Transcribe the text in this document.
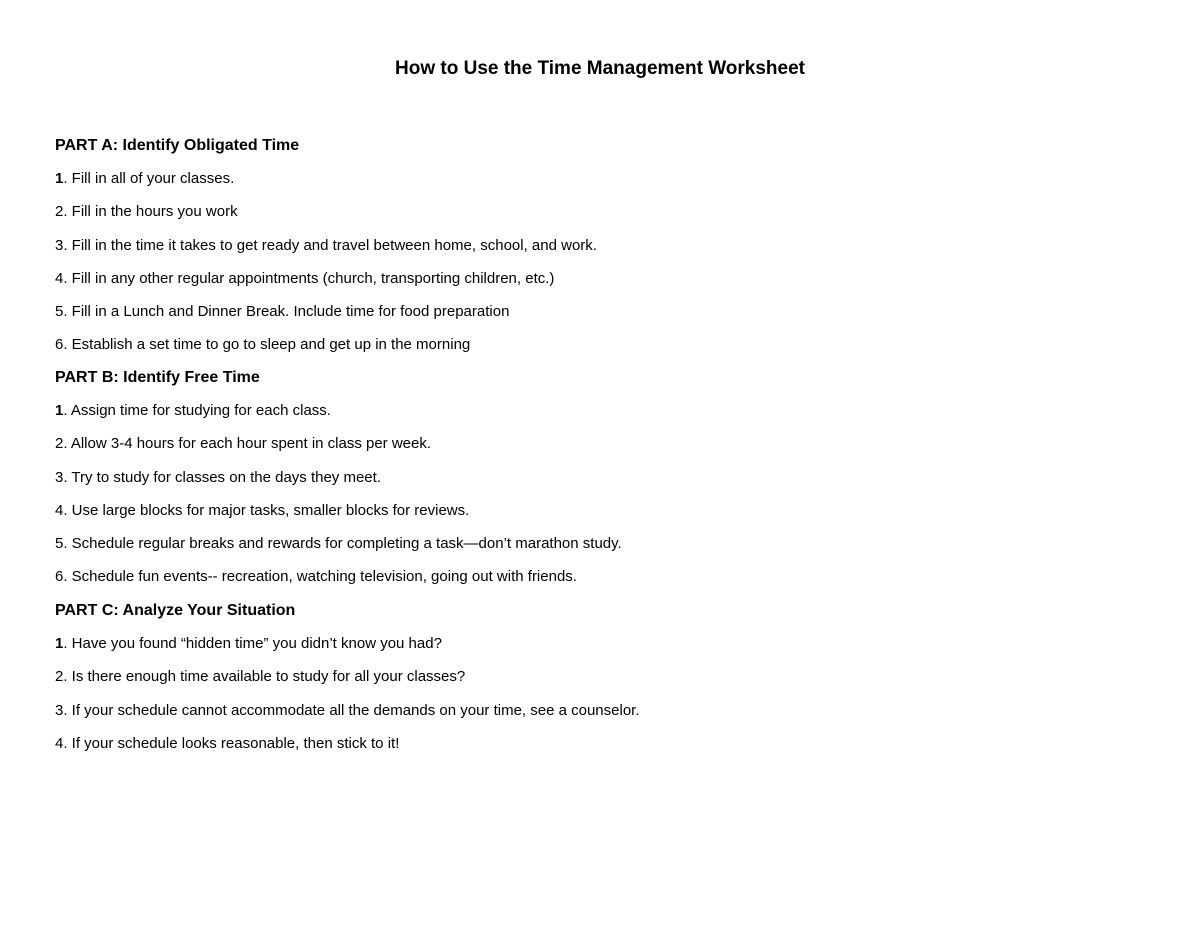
How to Use the Time Management Worksheet
PART A: Identify Obligated Time
1. Fill in all of your classes.
2. Fill in the hours you work
3. Fill in the time it takes to get ready and travel between home, school, and work.
4. Fill in any other regular appointments (church, transporting children, etc.)
5. Fill in a Lunch and Dinner Break. Include time for food preparation
6. Establish a set time to go to sleep and get up in the morning
PART B: Identify Free Time
1. Assign time for studying for each class.
2. Allow 3-4 hours for each hour spent in class per week.
3. Try to study for classes on the days they meet.
4. Use large blocks for major tasks, smaller blocks for reviews.
5. Schedule regular breaks and rewards for completing a task—don’t marathon study.
6. Schedule fun events-- recreation, watching television, going out with friends.
PART C: Analyze Your Situation
1. Have you found “hidden time” you didn’t know you had?
2. Is there enough time available to study for all your classes?
3. If your schedule cannot accommodate all the demands on your time, see a counselor.
4. If your schedule looks reasonable, then stick to it!
